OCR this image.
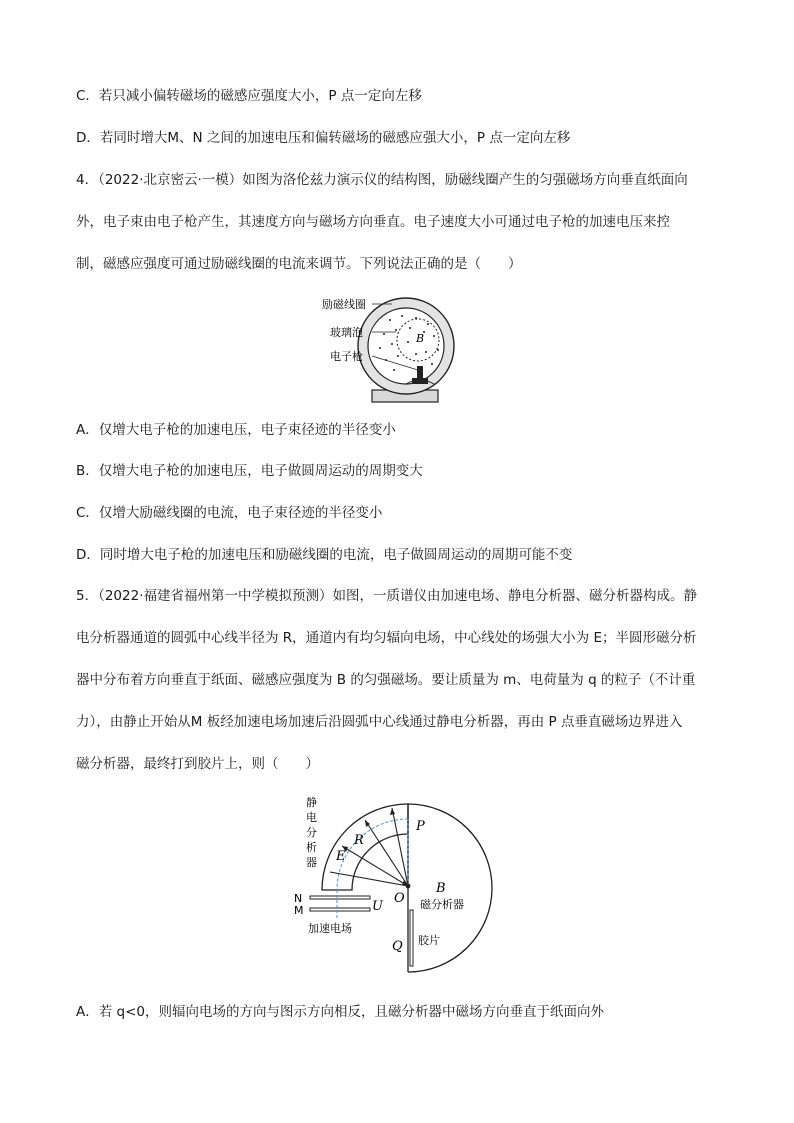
C．若只减小偏转磁场的磁感应强度大小，P 点一定向左移
D．若同时增大M、N 之间的加速电压和偏转磁场的磁感应强大小，P 点一定向左移
4．（2022·北京密云·一模）如图为洛伦兹力演示仪的结构图，励磁线圈产生的匀强磁场方向垂直纸面向
外，电子束由电子枪产生，其速度方向与磁场方向垂直。电子速度大小可通过电子枪的加速电压来控
制，磁感应强度可通过励磁线圈的电流来调节。下列说法正确的是（　　）
励磁线圈
玻璃泡
电子枪
B
A．仅增大电子枪的加速电压，电子束径迹的半径变小
B．仅增大电子枪的加速电压，电子做圆周运动的周期变大
C．仅增大励磁线圈的电流，电子束径迹的半径变小
D．同时增大电子枪的加速电压和励磁线圈的电流，电子做圆周运动的周期可能不变
5．（2022·福建省福州第一中学模拟预测）如图，一质谱仪由加速电场、静电分析器、磁分析器构成。静
电分析器通道的圆弧中心线半径为 R，通道内有均匀辐向电场，中心线处的场强大小为 E；半圆形磁分析
器中分布着方向垂直于纸面、磁感应强度为 B 的匀强磁场。要让质量为 m、电荷量为 q 的粒子（不计重
力），由静止开始从M 板经加速电场加速后沿圆弧中心线通过静电分析器，再由 P 点垂直磁场边界进入
磁分析器，最终打到胶片上，则（　　）
静
电
分
析
器
P
R
E
N
M	U
O
B
磁分析器
加速电场
Q 胶片
A．若 q<0，则辐向电场的方向与图示方向相反，且磁分析器中磁场方向垂直于纸面向外
